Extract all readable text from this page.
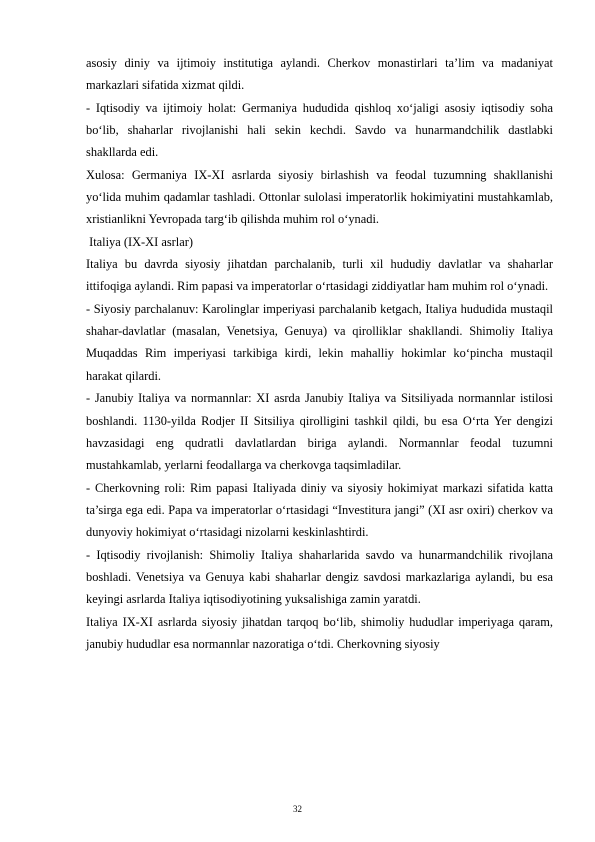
asosiy diniy va ijtimoiy institutiga aylandi. Cherkov monastirlari ta’lim va madaniyat markazlari sifatida xizmat qildi.

- Iqtisodiy va ijtimoiy holat: Germaniya hududida qishloq xo‘jaligi asosiy iqtisodiy soha bo‘lib, shaharlar rivojlanishi hali sekin kechdi. Savdo va hunarmandchilik dastlabki shakllarda edi.

Xulosa: Germaniya IX-XI asrlarda siyosiy birlashish va feodal tuzumning shakllanishi yo‘lida muhim qadamlar tashladi. Ottonlar sulolasi imperatorlik hokimiyatini mustahkamlab, xristianlikni Yevropada targ‘ib qilishda muhim rol o‘ynadi.

Italiya (IX-XI asrlar)

Italiya bu davrda siyosiy jihatdan parchalanib, turli xil hududiy davlatlar va shaharlar ittifoqiga aylandi. Rim papasi va imperatorlar o‘rtasidagi ziddiyatlar ham muhim rol o‘ynadi.

- Siyosiy parchalanuv: Karolinglar imperiyasi parchalanib ketgach, Italiya hududida mustaqil shahar-davlatlar (masalan, Venetsiya, Genuya) va qirolliklar shakllandi. Shimoliy Italiya Muqaddas Rim imperiyasi tarkibiga kirdi, lekin mahalliy hokimlar ko‘pincha mustaqil harakat qilardi.

- Janubiy Italiya va normannlar: XI asrda Janubiy Italiya va Sitsiliyada normannlar istilosi boshlandi. 1130-yilda Rodjer II Sitsiliya qirolligini tashkil qildi, bu esa O‘rta Yer dengizi havzasidagi eng qudratli davlatlardan biriga aylandi. Normannlar feodal tuzumni mustahkamlab, yerlarni feodallarga va cherkovga taqsimladilar.

- Cherkovning roli: Rim papasi Italiyada diniy va siyosiy hokimiyat markazi sifatida katta ta’sirga ega edi. Papa va imperatorlar o‘rtasidagi “Investitura jangi” (XI asr oxiri) cherkov va dunyoviy hokimiyat o‘rtasidagi nizolarni keskinlashtirdi.

- Iqtisodiy rivojlanish: Shimoliy Italiya shaharlarida savdo va hunarmandchilik rivojlana boshladi. Venetsiya va Genuya kabi shaharlar dengiz savdosi markazlariga aylandi, bu esa keyingi asrlarda Italiya iqtisodiyotining yuksalishiga zamin yaratdi.

Italiya IX-XI asrlarda siyosiy jihatdan tarqoq bo‘lib, shimoliy hududlar imperiyaga qaram, janubiy hududlar esa normannlar nazoratiga o‘tdi. Cherkovning siyosiy

32
